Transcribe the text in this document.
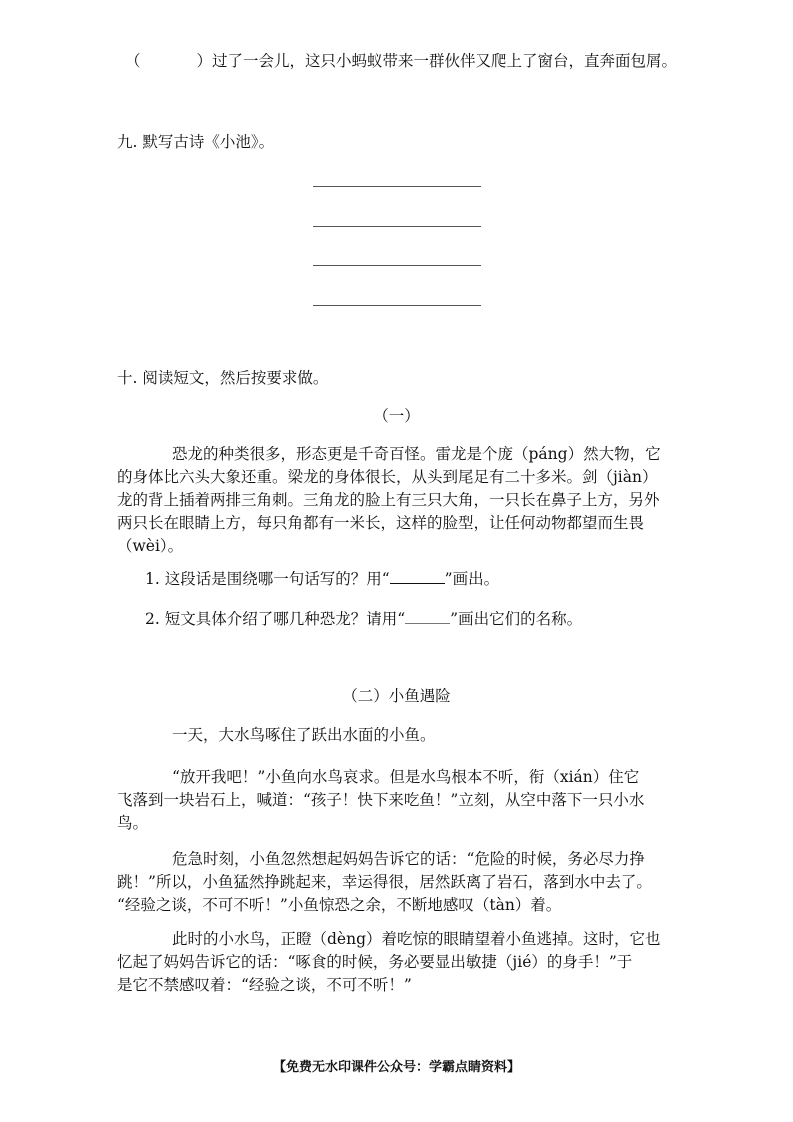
（	）过了一会儿，这只小蚂蚁带来一群伙伴又爬上了窗台，直奔面包屑。
九. 默写古诗《小池》。
十. 阅读短文，然后按要求做。
（一）
恐龙的种类很多，形态更是千奇百怪。雷龙是个庞（páng）然大物，它
的身体比六头大象还重。梁龙的身体很长，从头到尾足有二十多米。剑（jiàn）
龙的背上插着两排三角刺。三角龙的脸上有三只大角，一只长在鼻子上方，另外
两只长在眼睛上方，每只角都有一米长，这样的脸型，让任何动物都望而生畏
（wèi）。
1. 这段话是围绕哪一句话写的？用“	”画出。
2. 短文具体介绍了哪几种恐龙？请用“	”画出它们的名称。
（二）小鱼遇险
一天，大水鸟啄住了跃出水面的小鱼。
“放开我吧！”小鱼向水鸟哀求。但是水鸟根本不听，衔（xián）住它
飞落到一块岩石上，喊道：“孩子！快下来吃鱼！”立刻，从空中落下一只小水
鸟。
危急时刻，小鱼忽然想起妈妈告诉它的话：“危险的时候，务必尽力挣
跳！”所以，小鱼猛然挣跳起来，幸运得很，居然跃离了岩石，落到水中去了。
“经验之谈，不可不听！”小鱼惊恐之余，不断地感叹（tàn）着。
此时的小水鸟，正瞪（dèng）着吃惊的眼睛望着小鱼逃掉。这时，它也
忆起了妈妈告诉它的话：“啄食的时候，务必要显出敏捷（jié）的身手！”于
是它不禁感叹着：“经验之谈，不可不听！”
【免费无水印课件公众号：学霸点睛资料】
